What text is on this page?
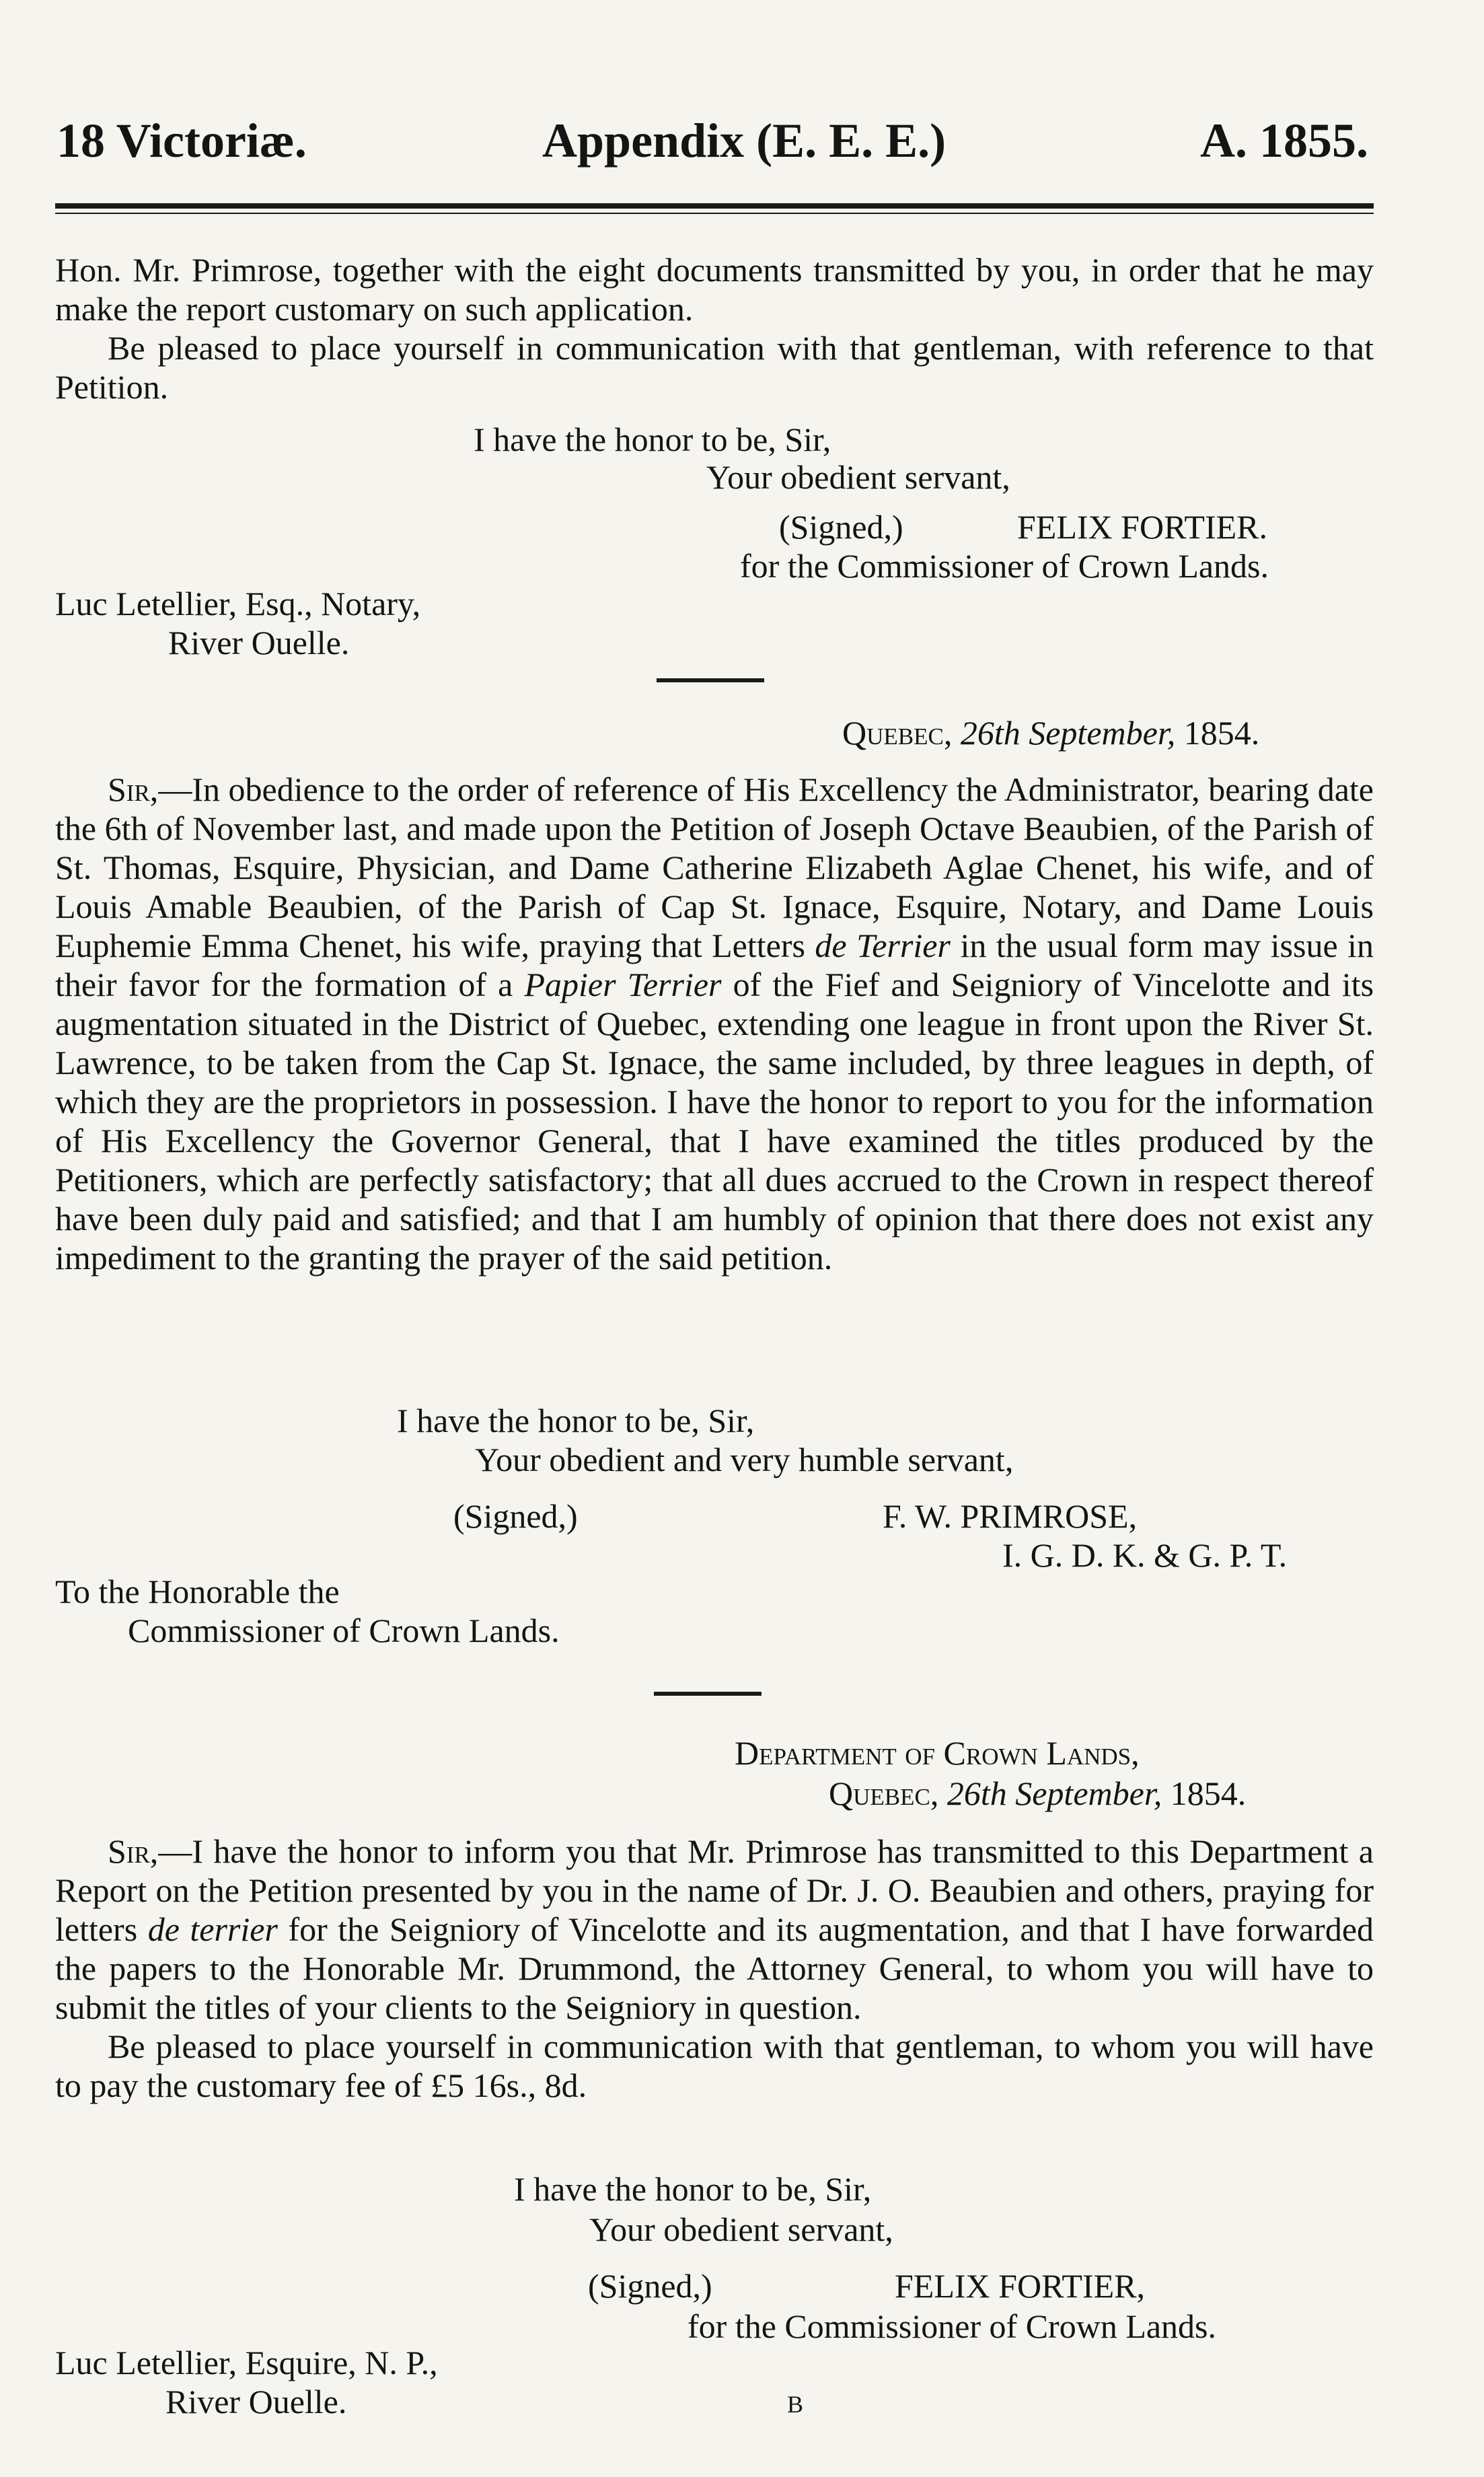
18 Victoriæ.	Appendix (E. E. E.)	A. 1855.

Hon. Mr. Primrose, together with the eight documents transmitted by you, in order that he may make the report customary on such application.

Be pleased to place yourself in communication with that gentleman, with reference to that Petition.

I have the honor to be, Sir,
Your obedient servant,
(Signed,)	FELIX FORTIER.
for the Commissioner of Crown Lands.
Luc Letellier, Esq., Notary,
River Ouelle.
Quebec, 26th September, 1854.

Sir,—In obedience to the order of reference of His Excellency the Administrator, bearing date the 6th of November last, and made upon the Petition of Joseph Octave Beaubien, of the Parish of St. Thomas, Esquire, Physician, and Dame Catherine Elizabeth Aglae Chenet, his wife, and of Louis Amable Beaubien, of the Parish of Cap St. Ignace, Esquire, Notary, and Dame Louis Euphemie Emma Chenet, his wife, praying that Letters de Terrier in the usual form may issue in their favor for the formation of a Papier Terrier of the Fief and Seigniory of Vincelotte and its augmentation situated in the District of Quebec, extending one league in front upon the River St. Lawrence, to be taken from the Cap St. Ignace, the same included, by three leagues in depth, of which they are the proprietors in possession. I have the honor to report to you for the information of His Excellency the Governor General, that I have examined the titles produced by the Petitioners, which are perfectly satisfactory; that all dues accrued to the Crown in respect thereof have been duly paid and satisfied; and that I am humbly of opinion that there does not exist any impediment to the granting the prayer of the said petition.

I have the honor to be, Sir,
Your obedient and very humble servant,
(Signed,)	F. W. PRIMROSE,
I. G. D. K. & G. P. T.
To the Honorable the
Commissioner of Crown Lands.
Department of Crown Lands,
Quebec, 26th September, 1854.

Sir,—I have the honor to inform you that Mr. Primrose has transmitted to this Department a Report on the Petition presented by you in the name of Dr. J. O. Beaubien and others, praying for letters de terrier for the Seigniory of Vincelotte and its augmentation, and that I have forwarded the papers to the Honorable Mr. Drummond, the Attorney General, to whom you will have to submit the titles of your clients to the Seigniory in question.

Be pleased to place yourself in communication with that gentleman, to whom you will have to pay the customary fee of £5 16s., 8d.

I have the honor to be, Sir,
Your obedient servant,
(Signed,)	FELIX FORTIER,
for the Commissioner of Crown Lands.
Luc Letellier, Esquire, N. P.,
River Ouelle.	B
